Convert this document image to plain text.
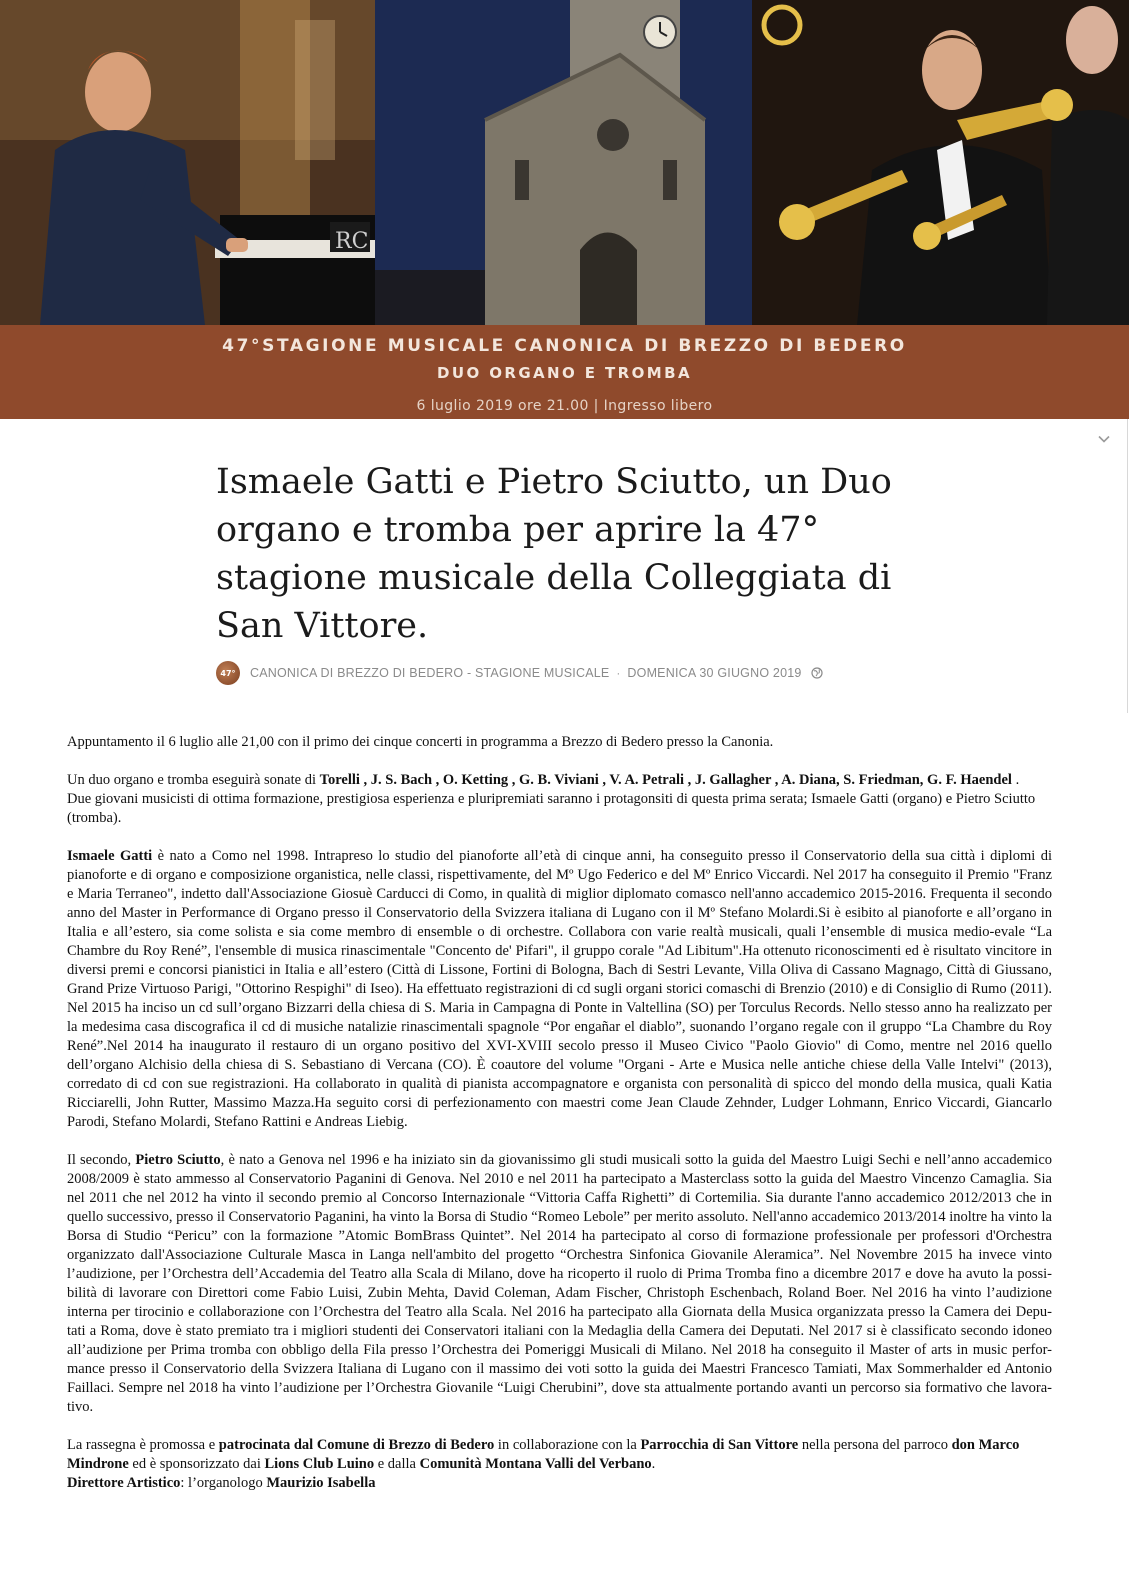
RC
47°STAGIONE MUSICALE CANONICA DI BREZZO DI BEDERO
DUO ORGANO E TROMBA
6 luglio 2019 ore 21.00 | Ingresso libero
Ismaele Gatti e Pietro Sciutto, un Duo organo e tromba per aprire la 47° stagione musicale della Colleggiata di San Vittore.
47°	CANONICA DI BREZZO DI BEDERO - STAGIONE MUSICALE · DOMENICA 30 GIUGNO 2019

Appuntamento il 6 luglio alle 21,00 con il primo dei cinque concerti in programma a Brezzo di Bedero presso la Canonia.

Un duo organo e tromba eseguirà sonate di Torelli , J. S. Bach , O. Ketting , G. B. Viviani , V. A. Petrali , J. Gallagher , A. Diana, S. Friedman, G. F. Haendel .

Due giovani musicisti di ottima formazione, prestigiosa esperienza e pluripremiati saranno i protagonsiti di questa prima serata; Ismaele Gatti (organo) e Pietro Sciutto (tromba).

Ismaele Gatti è nato a Como nel 1998. Intrapreso lo studio del pianoforte all’età di cinque anni, ha conseguito presso il Conservatorio della sua città i diplomi di pianoforte e di organo e composizione organistica, nelle classi, rispettivamente, del Mº Ugo Federico e del Mº Enrico Viccardi. Nel 2017 ha conseguito il Premio "Franz e Maria Terraneo", indetto dall'Associazione Giosuè Carducci di Como, in qualità di miglior diplomato comasco nell'anno accademico 2015-2016. Frequenta il secondo anno del Master in Performance di Organo presso il Conservatorio della Svizzera italiana di Lugano con il Mº Stefano Molardi.Si è esibito al pianoforte e all’organo in Italia e all’estero, sia come solista e sia come membro di ensemble o di orchestre. Collabora con varie realtà musicali, quali l’ensemble di musica medio-evale “La Chambre du Roy René”, l'ensemble di musica rinascimentale "Concento de' Pifari", il gruppo corale "Ad Libitum".Ha ottenuto riconoscimenti ed è risultato vincitore in diversi premi e concorsi pianistici in Italia e all’estero (Città di Lissone, Fortini di Bologna, Bach di Sestri Levante, Villa Oliva di Cassano Magnago, Città di Giussano, Grand Prize Virtuoso Parigi, "Ottorino Respighi" di Iseo). Ha effettuato registrazioni di cd sugli organi storici comaschi di Brenzio (2010) e di Consiglio di Rumo (2011). Nel 2015 ha inciso un cd sull’organo Bizzarri della chiesa di S. Maria in Campagna di Ponte in Valtellina (SO) per Torculus Records. Nello stesso anno ha realizzato per la medesima casa discografica il cd di musiche natalizie rinascimentali spagnole “Por engañar el diablo”, suonando l’organo regale con il gruppo “La Chambre du Roy René”.Nel 2014 ha inaugurato il restauro di un organo positivo del XVI-XVIII secolo presso il Museo Civico "Paolo Giovio" di Como, mentre nel 2016 quello dell’organo Alchisio della chiesa di S. Sebastiano di Vercana (CO). È coautore del volume "Organi - Arte e Musica nelle antiche chiese della Valle Intelvi" (2013), corredato di cd con sue registrazioni. Ha collaborato in qualità di pianista accompagnatore e organista con personalità di spicco del mondo della musica, quali Katia Ricciarelli, John Rutter, Massimo Mazza.Ha seguito corsi di perfezionamento con maestri come Jean Claude Zehnder, Ludger Lohmann, Enrico Viccardi, Giancarlo Parodi, Stefano Molardi, Stefano Rattini e Andreas Liebig.

Il secondo, Pietro Sciutto, è nato a Genova nel 1996 e ha iniziato sin da giovanissimo gli studi musicali sotto la guida del Maestro Luigi Sechi e nell’anno accademico 2008/2009 è stato ammesso al Conservatorio Paganini di Genova. Nel 2010 e nel 2011 ha partecipato a Masterclass sotto la guida del Maestro Vincenzo Camaglia. Sia nel 2011 che nel 2012 ha vinto il secondo premio al Concorso Internazionale “Vittoria Caffa Righetti” di Cortemilia. Sia durante l'anno accademico 2012/2013 che in quello successivo, presso il Conservatorio Paganini, ha vinto la Borsa di Studio “Romeo Lebole” per merito assoluto. Nell'anno accademico 2013/2014 inoltre ha vinto la Borsa di Studio “Pericu” con la formazione ”Atomic BomBrass Quintet”. Nel 2014 ha partecipato al corso di formazione professionale per professori d'Orchestra organizzato dall'Associazione Culturale Masca in Langa nell'ambito del progetto “Orchestra Sinfonica Giovanile Aleramica”. Nel Novembre 2015 ha invece vinto l’audizione, per l’Orchestra dell’Accademia del Teatro alla Scala di Milano, dove ha ricoperto il ruolo di Prima Tromba fino a dicembre 2017 e dove ha avuto la possi-bilità di lavorare con Direttori come Fabio Luisi, Zubin Mehta, David Coleman, Adam Fischer, Christoph Eschenbach, Roland Boer. Nel 2016 ha vinto l’audizione interna per tirocinio e collaborazione con l’Orchestra del Teatro alla Scala. Nel 2016 ha partecipato alla Giornata della Musica organizzata presso la Camera dei Depu-tati a Roma, dove è stato premiato tra i migliori studenti dei Conservatori italiani con la Medaglia della Camera dei Deputati. Nel 2017 si è classificato secondo idoneo all’audizione per Prima tromba con obbligo della Fila presso l’Orchestra dei Pomeriggi Musicali di Milano. Nel 2018 ha conseguito il Master of arts in music perfor-mance presso il Conservatorio della Svizzera Italiana di Lugano con il massimo dei voti sotto la guida dei Maestri Francesco Tamiati, Max Sommerhalder ed Antonio Faillaci. Sempre nel 2018 ha vinto l’audizione per l’Orchestra Giovanile “Luigi Cherubini”, dove sta attualmente portando avanti un percorso sia formativo che lavora-tivo.

La rassegna è promossa e patrocinata dal Comune di Brezzo di Bedero in collaborazione con la Parrocchia di San Vittore nella persona del parroco don Marco Mindrone ed è sponsorizzato dai Lions Club Luino e dalla Comunità Montana Valli del Verbano.

Direttore Artistico: l’organologo Maurizio Isabella
